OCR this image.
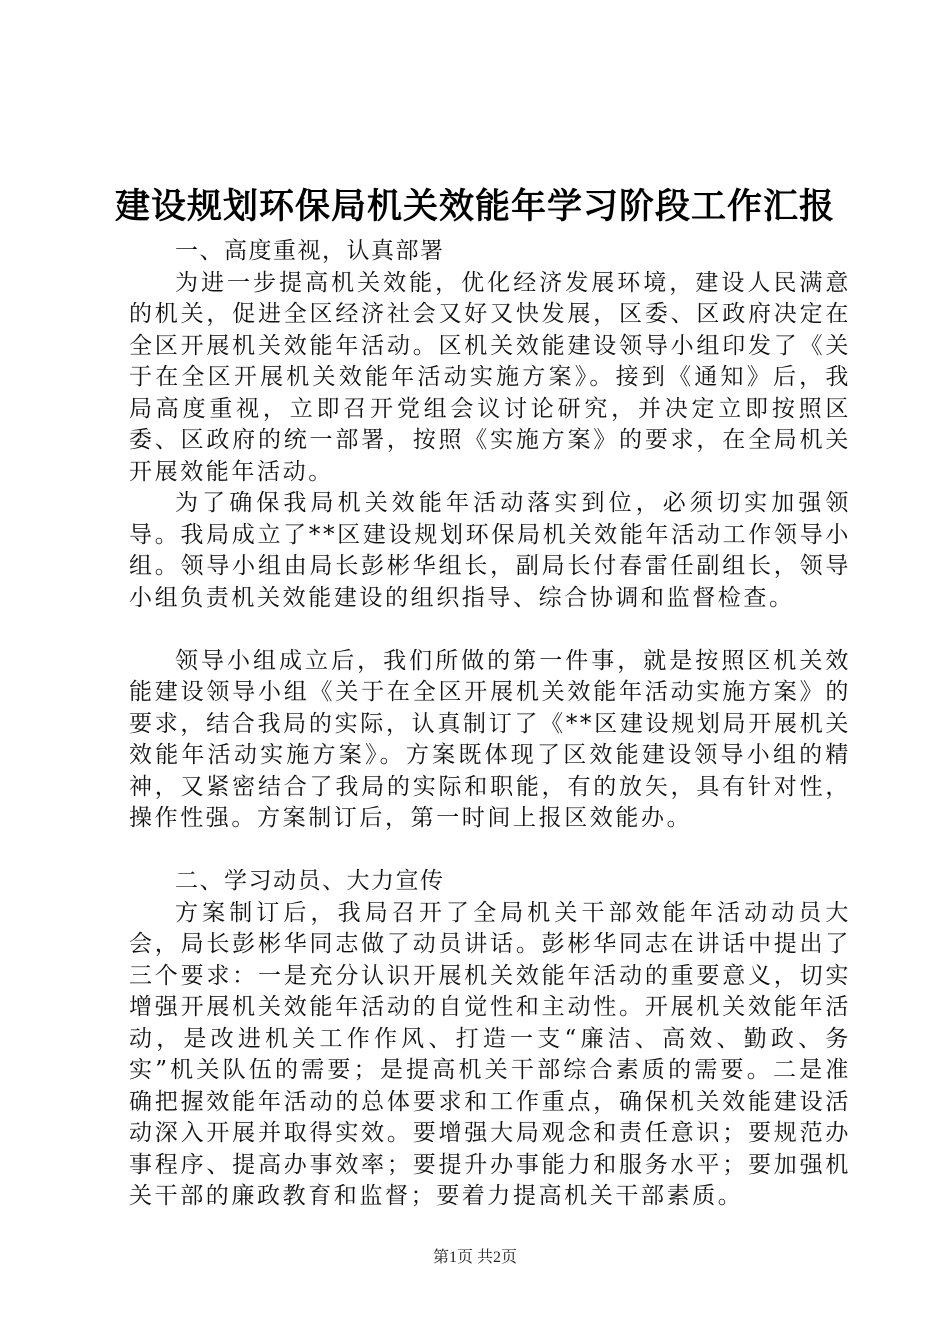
建设规划环保局机关效能年学习阶段工作汇报

一、高度重视，认真部署

为进一步提高机关效能，优化经济发展环境，建设人民满意的机关，促进全区经济社会又好又快发展，区委、区政府决定在全区开展机关效能年活动。区机关效能建设领导小组印发了《关于在全区开展机关效能年活动实施方案》。接到《通知》后，我局高度重视，立即召开党组会议讨论研究，并决定立即按照区委、区政府的统一部署，按照《实施方案》的要求，在全局机关开展效能年活动。

为了确保我局机关效能年活动落实到位，必须切实加强领导。我局成立了**区建设规划环保局机关效能年活动工作领导小组。领导小组由局长彭彬华组长，副局长付春雷任副组长，领导小组负责机关效能建设的组织指导、综合协调和监督检查。

领导小组成立后，我们所做的第一件事，就是按照区机关效能建设领导小组《关于在全区开展机关效能年活动实施方案》的要求，结合我局的实际，认真制订了《**区建设规划局开展机关效能年活动实施方案》。方案既体现了区效能建设领导小组的精神，又紧密结合了我局的实际和职能，有的放矢，具有针对性，操作性强。方案制订后，第一时间上报区效能办。

二、学习动员、大力宣传

方案制订后，我局召开了全局机关干部效能年活动动员大会，局长彭彬华同志做了动员讲话。彭彬华同志在讲话中提出了三个要求：一是充分认识开展机关效能年活动的重要意义，切实增强开展机关效能年活动的自觉性和主动性。开展机关效能年活动，是改进机关工作作风、打造一支“廉洁、高效、勤政、务实”机关队伍的需要；是提高机关干部综合素质的需要。二是准确把握效能年活动的总体要求和工作重点，确保机关效能建设活动深入开展并取得实效。要增强大局观念和责任意识；要规范办事程序、提高办事效率；要提升办事能力和服务水平；要加强机关干部的廉政教育和监督；要着力提高机关干部素质。

第1页 共2页
